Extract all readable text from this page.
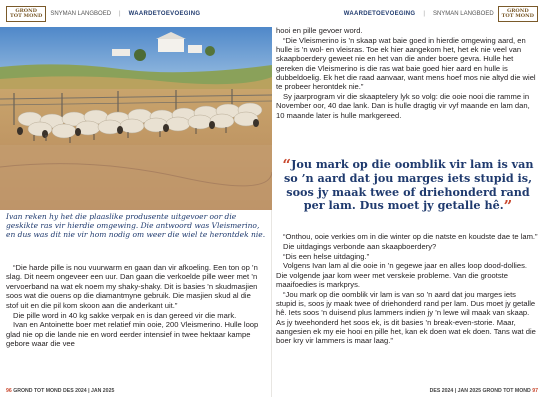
GROND
TOT MOND SNYMAN LANGBOED | WAARDETOEVOEGING	WAARDETOEVOEGING | SNYMAN LANGBOED	GROND
TOT MOND

Ivan reken hy het die plaaslike produsente uitgevoer oor die geskikte ras vir hierdie omgewing. Die antwoord was Vleismerino, en dus was dit nie vir hom nodig om weer die wiel te herontdek nie.

“Die harde pille is nou vuurwarm en gaan dan vir afkoeling. Een ton op ’n slag. Dit neem ongeveer een uur. Dan gaan die verkoelde pille weer met ’n vervoerband na wat ek noem my shaky-shaky. Dit is basies ’n skudmasjien soos wat die ouens op die diamantmyne gebruik. Die masjien skud al die stof uit en die pil kom skoon aan die anderkant uit.”

Die pille word in 40 kg sakke verpak en is dan gereed vir die mark.

Ivan en Antoinette boer met relatief min ooie, 200 Vleismerino. Hulle loop glad nie op die lande nie en word eerder intensief in twee hektaar kampe gebore waar die vee

hooi en pille gevoer word.

“Die Vleismerino is ’n skaap wat baie goed in hierdie omgewing aard, en hulle is ’n wol- en vleisras. Toe ek hier aangekom het, het ek nie veel van skaapboerdery geweet nie en het van die ander boere gevra. Hulle het gereken die Vleismerino is die ras wat baie goed hier aard en hulle is dubbeldoelig. Ek het die raad aanvaar, want mens hoef mos nie altyd die wiel te probeer herontdek nie.”

Sy jaarprogram vir die skaaptelery lyk so volg: die ooie nooi die ramme in November oor, 40 dae lank. Dan is hulle dragtig vir vyf maande en lam dan, 10 maande later is hulle markgereed.

“Jou mark op die oomblik vir lam is van so ’n aard dat jou marges iets stupid is, soos jy maak twee of driehonderd rand per lam. Dus moet jy getalle hê.”

“Onthou, ooie verkies om in die winter op die natste en koudste dae te lam.”

Die uitdagings verbonde aan skaapboerdery?

“Dis een helse uitdaging.”

Volgens Ivan lam al die ooie in ’n gegewe jaar en alles loop dood-dollies. Die volgende jaar kom weer met verskeie probleme. Van die grootste maaifoedies is markprys.

“Jou mark op die oomblik vir lam is van so ’n aard dat jou marges iets stupid is, soos jy maak twee of driehonderd rand per lam. Dus moet jy getalle hê. Iets soos ’n duisend plus lammers indien jy ’n lewe wil maak van skaap. As jy tweehonderd het soos ek, is dit basies ’n break-even-storie. Maar, aangesien ek my eie hooi en pille het, kan ek doen wat ek doen. Tans wat die boer kry vir lammers is maar laag.”

96 GROND TOT MOND DES 2024 | JAN 2025	DES 2024 | JAN 2025 GROND TOT MOND 97
